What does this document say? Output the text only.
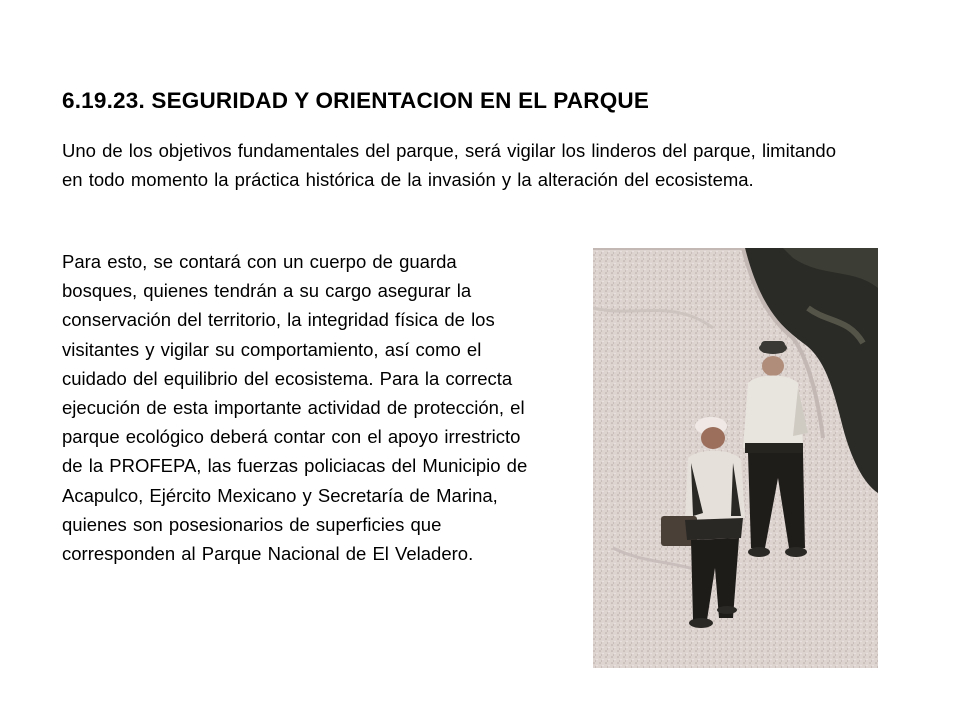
6.19.23. SEGURIDAD Y ORIENTACION EN EL PARQUE

Uno de los objetivos fundamentales del parque, será vigilar los linderos del parque, limitando en todo momento la práctica histórica de la invasión y la alteración del ecosistema.

Para esto, se contará con un cuerpo de guarda bosques, quienes tendrán a su cargo asegurar la conservación del territorio, la integridad física de los visitantes y vigilar su comportamiento, así como el cuidado del equilibrio del ecosistema. Para la correcta ejecución de esta importante actividad de protección, el parque ecológico deberá contar con el apoyo irrestricto de la PROFEPA, las fuerzas policiacas del Municipio de Acapulco, Ejército Mexicano y Secretaría de Marina, quienes son posesionarios de superficies que corresponden al Parque Nacional de El Veladero.
